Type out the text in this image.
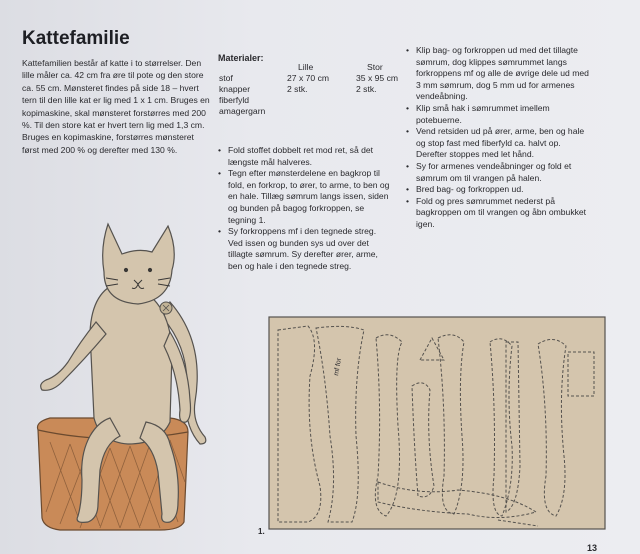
Kattefamilie

Kattefamilien består af katte i to størrelser. Den lille måler ca. 42 cm fra øre til pote og den store ca. 55 cm. Mønsteret findes på side 18 – hvert tern til den lille kat er lig med 1 x 1 cm. Bruges en kopimaskine, skal mønsteret forstørres med 200 %. Til den store kat er hvert tern lig med 1,3 cm. Bruges en kopimaskine, forstørres mønsteret først med 200 % og derefter med 130 %.

Materialer:
	Lille	Stor
stof	27 x 70 cm	35 x 95 cm
knapper	2 stk.	2 stk.
fiberfyld		
amagergarn		
• Fold stoffet dobbelt ret mod ret, så det længste mål halveres.
• Tegn efter mønsterdelene en bagkrop til fold, en forkrop, to ører, to arme, to ben og en hale. Tillæg sømrum langs issen, siden og bunden på bagog forkroppen, se tegning 1.
• Sy forkroppens mf i den tegnede streg. Ved issen og bunden sys ud over det tillagte sømrum. Sy derefter ører, arme, ben og hale i den tegnede streg.
• Klip bag- og forkroppen ud med det tillagte sømrum, dog klippes sømrummet langs forkroppens mf og alle de øvrige dele ud med 3 mm sømrum, dog 5 mm ud for armenes vendeåbning.
• Klip små hak i sømrummet imellem potebuerne.
• Vend retsiden ud på ører, arme, ben og hale og stop fast med fiberfyld ca. halvt op. Derefter stoppes med let hånd.
• Sy for armenes vendeåbninger og fold et sømrum om til vrangen på halen.
• Bred bag- og forkroppen ud.
• Fold og pres sømrummet nederst på bagkroppen om til vrangen og åbn ombukket igen.
mf for
1.
13
